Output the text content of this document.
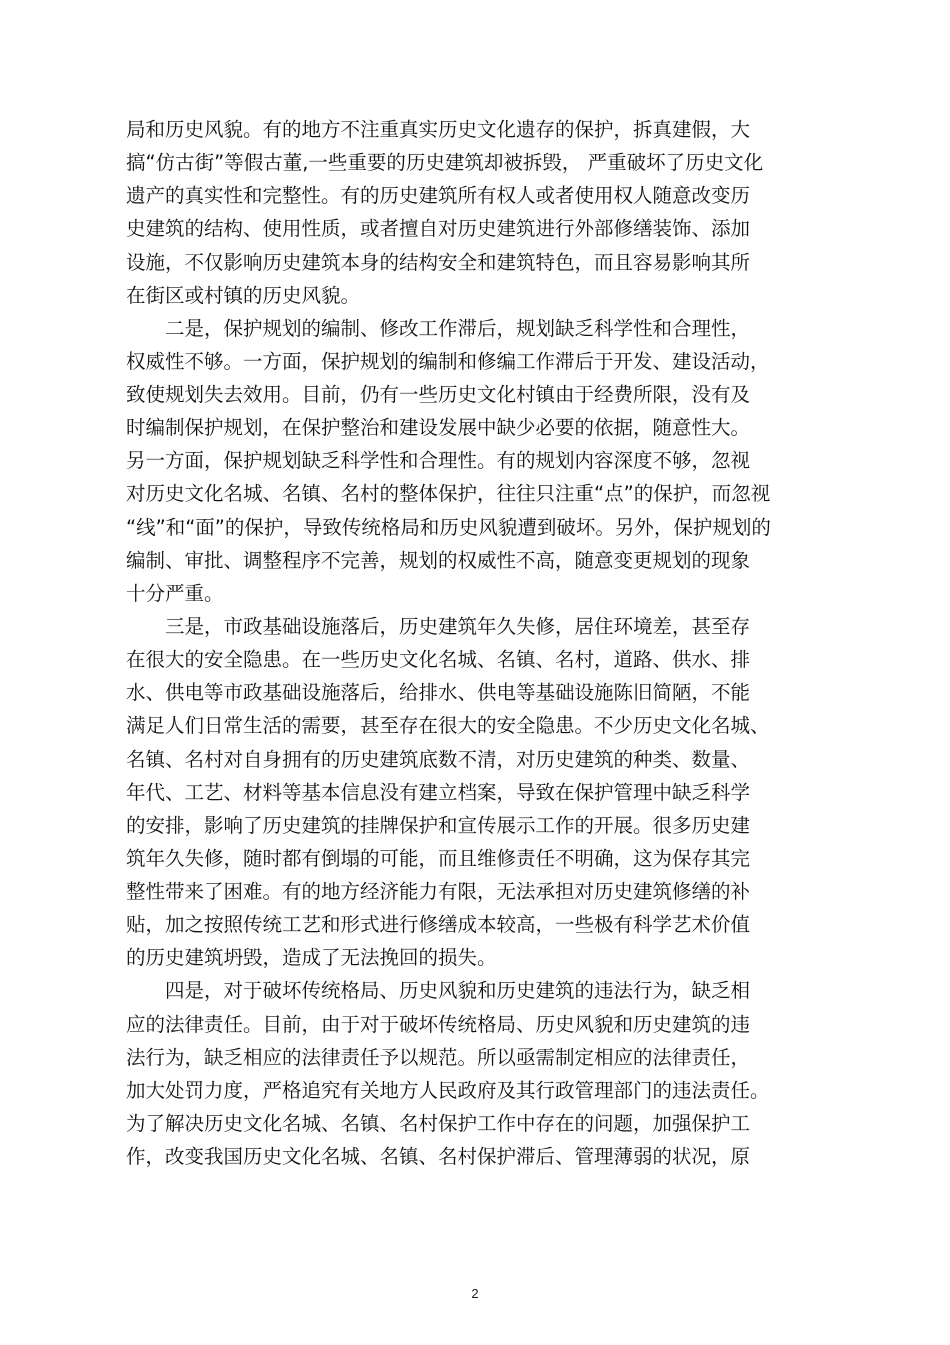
局和历史风貌。有的地方不注重真实历史文化遗存的保护，拆真建假，大

搞“仿古街”等假古董,一些重要的历史建筑却被拆毁， 严重破坏了历史文化

遗产的真实性和完整性。有的历史建筑所有权人或者使用权人随意改变历

史建筑的结构、使用性质，或者擅自对历史建筑进行外部修缮装饰、添加

设施，不仅影响历史建筑本身的结构安全和建筑特色，而且容易影响其所

在街区或村镇的历史风貌。

　　二是，保护规划的编制、修改工作滞后，规划缺乏科学性和合理性，

权威性不够。一方面，保护规划的编制和修编工作滞后于开发、建设活动，

致使规划失去效用。目前，仍有一些历史文化村镇由于经费所限，没有及

时编制保护规划，在保护整治和建设发展中缺少必要的依据，随意性大。

另一方面，保护规划缺乏科学性和合理性。有的规划内容深度不够，忽视

对历史文化名城、名镇、名村的整体保护，往往只注重“点”的保护，而忽视

“线”和“面”的保护，导致传统格局和历史风貌遭到破坏。另外，保护规划的

编制、审批、调整程序不完善，规划的权威性不高，随意变更规划的现象

十分严重。

　　三是，市政基础设施落后，历史建筑年久失修，居住环境差，甚至存

在很大的安全隐患。在一些历史文化名城、名镇、名村，道路、供水、排

水、供电等市政基础设施落后，给排水、供电等基础设施陈旧简陋，不能

满足人们日常生活的需要，甚至存在很大的安全隐患。不少历史文化名城、

名镇、名村对自身拥有的历史建筑底数不清，对历史建筑的种类、数量、

年代、工艺、材料等基本信息没有建立档案，导致在保护管理中缺乏科学

的安排，影响了历史建筑的挂牌保护和宣传展示工作的开展。很多历史建

筑年久失修，随时都有倒塌的可能，而且维修责任不明确，这为保存其完

整性带来了困难。有的地方经济能力有限，无法承担对历史建筑修缮的补

贴，加之按照传统工艺和形式进行修缮成本较高，一些极有科学艺术价值

的历史建筑坍毁，造成了无法挽回的损失。

　　四是，对于破坏传统格局、历史风貌和历史建筑的违法行为，缺乏相

应的法律责任。目前，由于对于破坏传统格局、历史风貌和历史建筑的违

法行为，缺乏相应的法律责任予以规范。所以亟需制定相应的法律责任，

加大处罚力度，严格追究有关地方人民政府及其行政管理部门的违法责任。

为了解决历史文化名城、名镇、名村保护工作中存在的问题，加强保护工

作，改变我国历史文化名城、名镇、名村保护滞后、管理薄弱的状况，原

2
